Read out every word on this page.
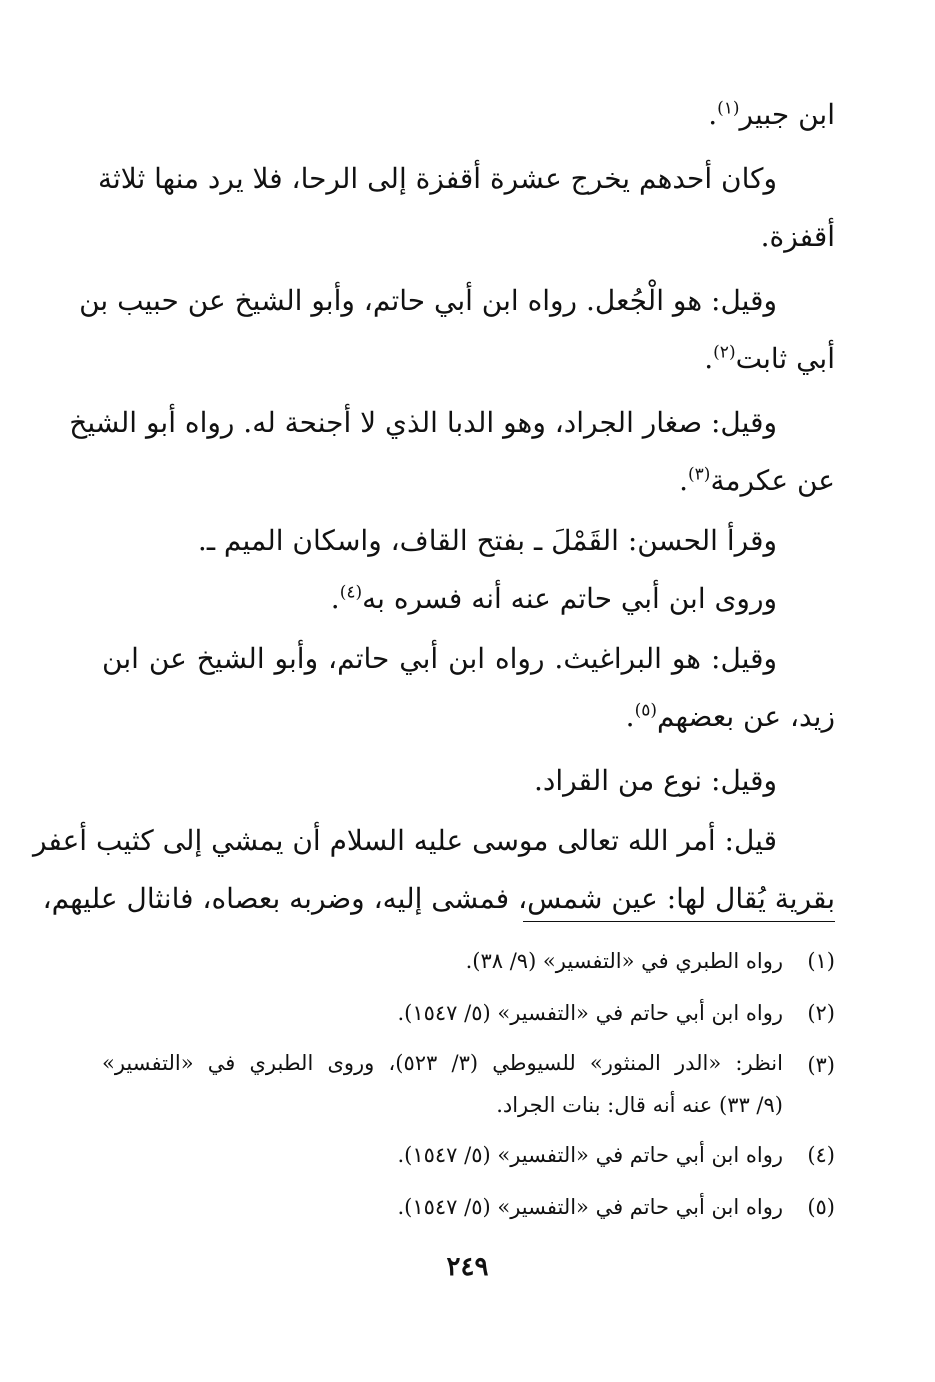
ابن جبير$^{(١)}$.
وكان أحدهم يخرج عشرة أقفزة إلى الرحا، فلا يرد منها ثلاثة
أقفزة.
وقيل: هو الْجُعل. رواه ابن أبي حاتم، وأبو الشيخ عن حبيب بن
أبي ثابت$^{(٢)}$.
وقيل: صغار الجراد، وهو الدبا الذي لا أجنحة له. رواه أبو الشيخ
عن عكرمة$^{(٣)}$.
وقرأ الحسن: القَمْلَ ـ بفتح القاف، واسكان الميم ـ.
وروى ابن أبي حاتم عنه أنه فسره به$^{(٤)}$.
وقيل: هو البراغيث. رواه ابن أبي حاتم، وأبو الشيخ عن ابن
زيد، عن بعضهم$^{(٥)}$.
وقيل: نوع من القراد.
قيل: أمر الله تعالى موسى عليه السلام أن يمشي إلى كثيب أعفر
بقرية يُقال لها: عين شمس، فمشى إليه، وضربه بعصاه، فانثال عليهم،
(١)
رواه الطبري في «التفسير» (٩/ ٣٨).
(٢)
رواه ابن أبي حاتم في «التفسير» (٥/ ١٥٤٧).
(٣)
انظر: «الدر المنثور» للسيوطي (٣/ ٥٢٣)، وروى الطبري في «التفسير»
(٩/ ٣٣) عنه أنه قال: بنات الجراد.
(٤)
رواه ابن أبي حاتم في «التفسير» (٥/ ١٥٤٧).
(٥)
رواه ابن أبي حاتم في «التفسير» (٥/ ١٥٤٧).
٢٤٩
